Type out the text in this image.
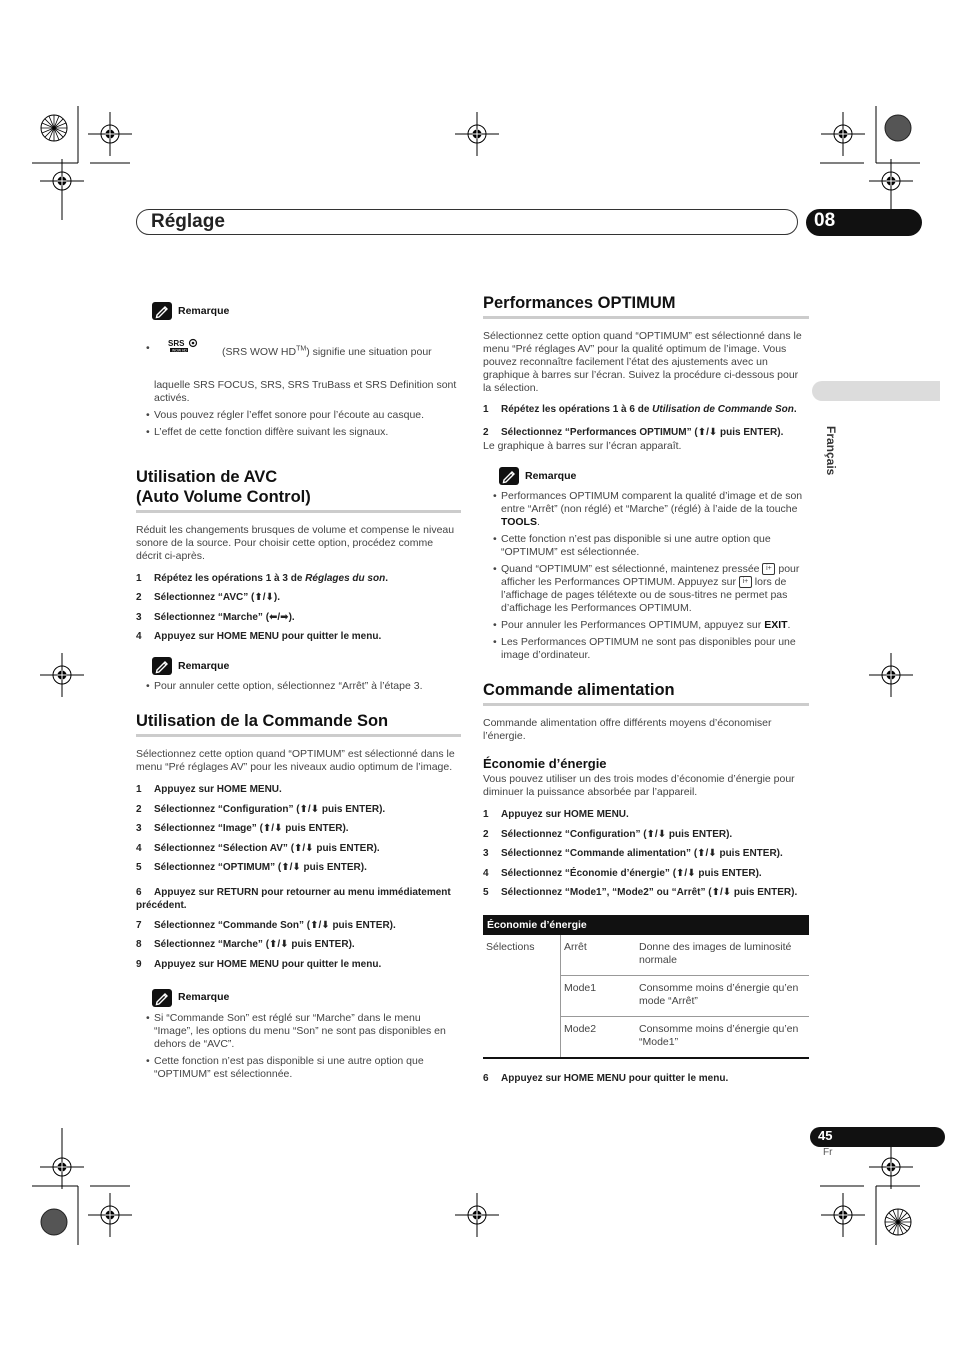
Réglage	08
Français
Remarque
• SRS
WOW HD	(SRS WOW HD™) signifie une situation pour
laquelle SRS FOCUS, SRS, SRS TruBass et SRS Definition sont activés.
• Vous pouvez régler l’effet sonore pour l’écoute au casque.
• L’effet de cette fonction diffère suivant les signaux.
Utilisation de AVC
(Auto Volume Control)

Réduit les changements brusques de volume et compense le niveau sonore de la source. Pour choisir cette option, procédez comme décrit ci-après.

1	Répétez les opérations 1 à 3 de Réglages du son.
2	Sélectionnez “AVC” (⬆/⬇).
3	Sélectionnez “Marche” (⬅/➡).
4	Appuyez sur HOME MENU pour quitter le menu.
Remarque
• Pour annuler cette option, sélectionnez “Arrêt” à l’étape 3.
Utilisation de la Commande Son

Sélectionnez cette option quand “OPTIMUM” est sélectionné dans le menu “Pré réglages AV” pour les niveaux audio optimum de l’image.

1	Appuyez sur HOME MENU.
2	Sélectionnez “Configuration” (⬆/⬇ puis ENTER).
3	Sélectionnez “Image” (⬆/⬇ puis ENTER).
4	Sélectionnez “Sélection AV” (⬆/⬇ puis ENTER).
5	Sélectionnez “OPTIMUM” (⬆/⬇ puis ENTER).
6 Appuyez sur RETURN pour retourner au menu immédiatement précédent.
7	Sélectionnez “Commande Son” (⬆/⬇ puis ENTER).
8	Sélectionnez “Marche” (⬆/⬇ puis ENTER).
9	Appuyez sur HOME MENU pour quitter le menu.
Remarque
• Si “Commande Son” est réglé sur “Marche” dans le menu “Image”, les options du menu “Son” ne sont pas disponibles en dehors de “AVC”.
• Cette fonction n’est pas disponible si une autre option que “OPTIMUM” est sélectionnée.
Performances OPTIMUM

Sélectionnez cette option quand “OPTIMUM” est sélectionné dans le menu “Pré réglages AV” pour la qualité optimum de l’image. Vous pouvez reconnaître facilement l’état des ajustements avec un graphique à barres sur l’écran. Suivez la procédure ci-dessous pour la sélection.

1	Répétez les opérations 1 à 6 de Utilisation de Commande Son.
2	Sélectionnez “Performances OPTIMUM” (⬆/⬇ puis ENTER).

Le graphique à barres sur l’écran apparaît.

Remarque
• Performances OPTIMUM comparent la qualité d’image et de son entre “Arrêt” (non réglé) et “Marche” (réglé) à l’aide de la touche TOOLS.
• Cette fonction n’est pas disponible si une autre option que “OPTIMUM” est sélectionnée.
• Quand “OPTIMUM” est sélectionné, maintenez pressée i+ pour afficher les Performances OPTIMUM. Appuyez sur i+ lors de l’affichage de pages télétexte ou de sous-titres ne permet pas d’affichage les Performances OPTIMUM.
• Pour annuler les Performances OPTIMUM, appuyez sur EXIT.
• Les Performances OPTIMUM ne sont pas disponibles pour une image d’ordinateur.
Commande alimentation

Commande alimentation offre différents moyens d’économiser l’énergie.

Économie d’énergie

Vous pouvez utiliser un des trois modes d’économie d’énergie pour diminuer la puissance absorbée par l’appareil.

1	Appuyez sur HOME MENU.
2	Sélectionnez “Configuration” (⬆/⬇ puis ENTER).
3	Sélectionnez “Commande alimentation” (⬆/⬇ puis ENTER).
4	Sélectionnez “Économie d’énergie” (⬆/⬇ puis ENTER).
5	Sélectionnez “Mode1”, “Mode2” ou “Arrêt” (⬆/⬇ puis ENTER).
Économie d’énergie		
Sélections	Arrêt	Donne des images de luminosité normale
	Mode1	Consomme moins d’énergie qu’en mode “Arrêt”
	Mode2	Consomme moins d’énergie qu’en “Mode1”
6	Appuyez sur HOME MENU pour quitter le menu.
45
Fr
